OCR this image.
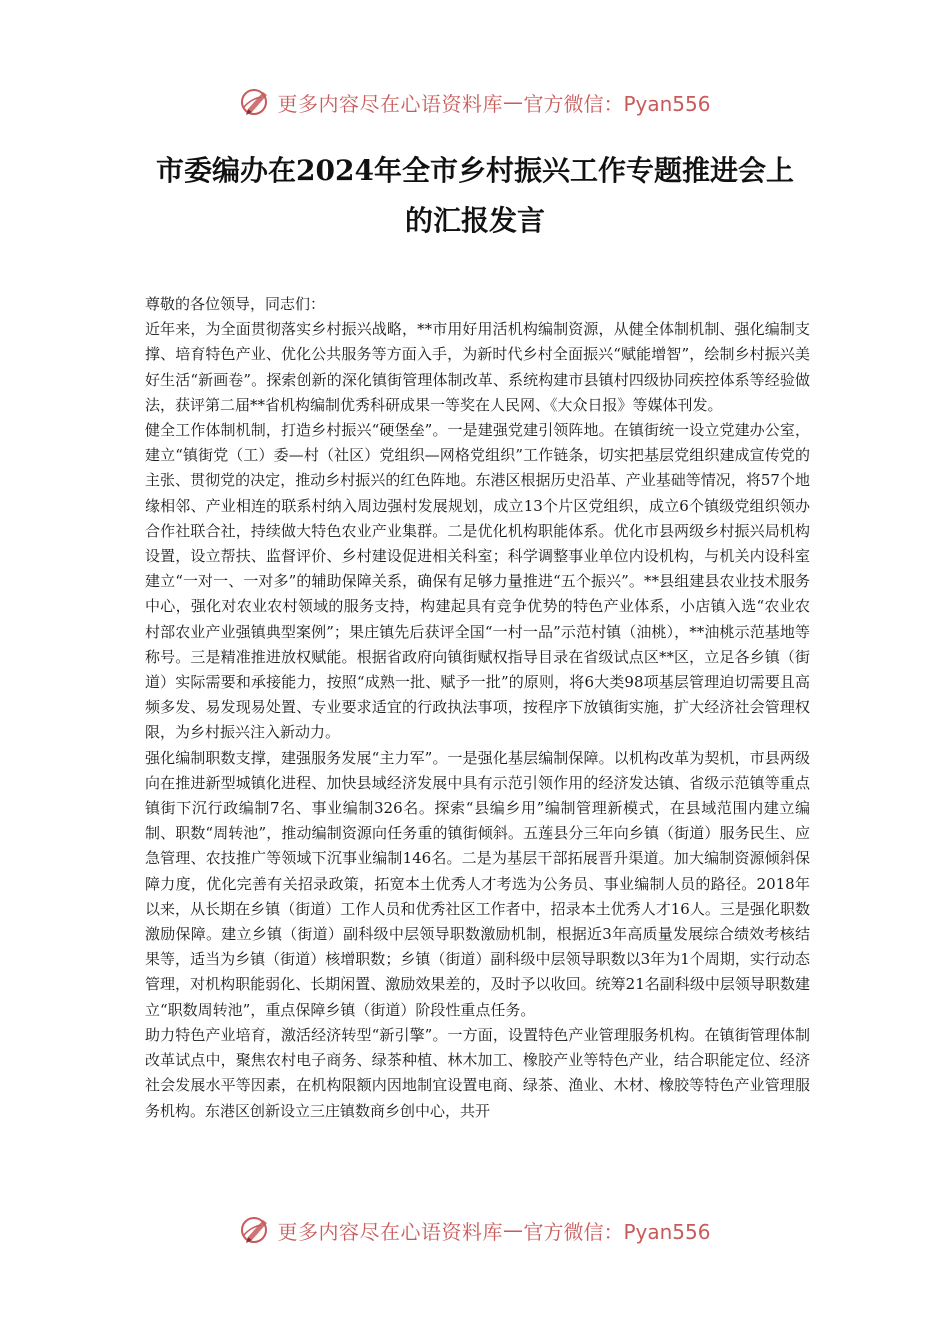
更多内容尽在心语资料库 — 官方微信：Pyan556
市委编办在2024年全市乡村振兴工作专题推进会上
的汇报发言

尊敬的各位领导，同志们：

近年来，为全面贯彻落实乡村振兴战略，**市用好用活机构编制资源，从健全体制机制、强化编制支撑、培育特色产业、优化公共服务等方面入手，为新时代乡村全面振兴“赋能增智”，绘制乡村振兴美好生活“新画卷”。探索创新的深化镇街管理体制改革、系统构建市县镇村四级协同疾控体系等经验做法，获评第二届**省机构编制优秀科研成果一等奖在人民网、《大众日报》等媒体刊发。

健全工作体制机制，打造乡村振兴“硬堡垒”。一是建强党建引领阵地。在镇街统一设立党建办公室，建立“镇街党（工）委—村（社区）党组织—网格党组织”工作链条，切实把基层党组织建成宣传党的主张、贯彻党的决定，推动乡村振兴的红色阵地。东港区根据历史沿革、产业基础等情况，将57个地缘相邻、产业相连的联系村纳入周边强村发展规划，成立13个片区党组织，成立6个镇级党组织领办合作社联合社，持续做大特色农业产业集群。二是优化机构职能体系。优化市县两级乡村振兴局机构设置，设立帮扶、监督评价、乡村建设促进相关科室；科学调整事业单位内设机构，与机关内设科室建立“一对一、一对多”的辅助保障关系，确保有足够力量推进“五个振兴”。**县组建县农业技术服务中心，强化对农业农村领域的服务支持，构建起具有竞争优势的特色产业体系，小店镇入选“农业农村部农业产业强镇典型案例”；果庄镇先后获评全国“一村一品”示范村镇（油桃），**油桃示范基地等称号。三是精准推进放权赋能。根据省政府向镇街赋权指导目录在省级试点区**区，立足各乡镇（街道）实际需要和承接能力，按照“成熟一批、赋予一批”的原则，将6大类98项基层管理迫切需要且高频多发、易发现易处置、专业要求适宜的行政执法事项，按程序下放镇街实施，扩大经济社会管理权限，为乡村振兴注入新动力。

强化编制职数支撑，建强服务发展“主力军”。一是强化基层编制保障。以机构改革为契机，市县两级向在推进新型城镇化进程、加快县域经济发展中具有示范引领作用的经济发达镇、省级示范镇等重点镇街下沉行政编制7名、事业编制326名。探索“县编乡用”编制管理新模式，在县域范围内建立编制、职数“周转池”，推动编制资源向任务重的镇街倾斜。五莲县分三年向乡镇（街道）服务民生、应急管理、农技推广等领域下沉事业编制146名。二是为基层干部拓展晋升渠道。加大编制资源倾斜保障力度，优化完善有关招录政策，拓宽本土优秀人才考选为公务员、事业编制人员的路径。2018年以来，从长期在乡镇（街道）工作人员和优秀社区工作者中，招录本土优秀人才16人。三是强化职数激励保障。建立乡镇（街道）副科级中层领导职数激励机制，根据近3年高质量发展综合绩效考核结果等，适当为乡镇（街道）核增职数；乡镇（街道）副科级中层领导职数以3年为1个周期，实行动态管理，对机构职能弱化、长期闲置、激励效果差的，及时予以收回。统筹21名副科级中层领导职数建立“职数周转池”，重点保障乡镇（街道）阶段性重点任务。

助力特色产业培育，激活经济转型“新引擎”。一方面，设置特色产业管理服务机构。在镇街管理体制改革试点中，聚焦农村电子商务、绿茶种植、林木加工、橡胶产业等特色产业，结合职能定位、经济社会发展水平等因素，在机构限额内因地制宜设置电商、绿茶、渔业、木材、橡胶等特色产业管理服务机构。东港区创新设立三庄镇数商乡创中心，共开

更多内容尽在心语资料库 — 官方微信：Pyan556
